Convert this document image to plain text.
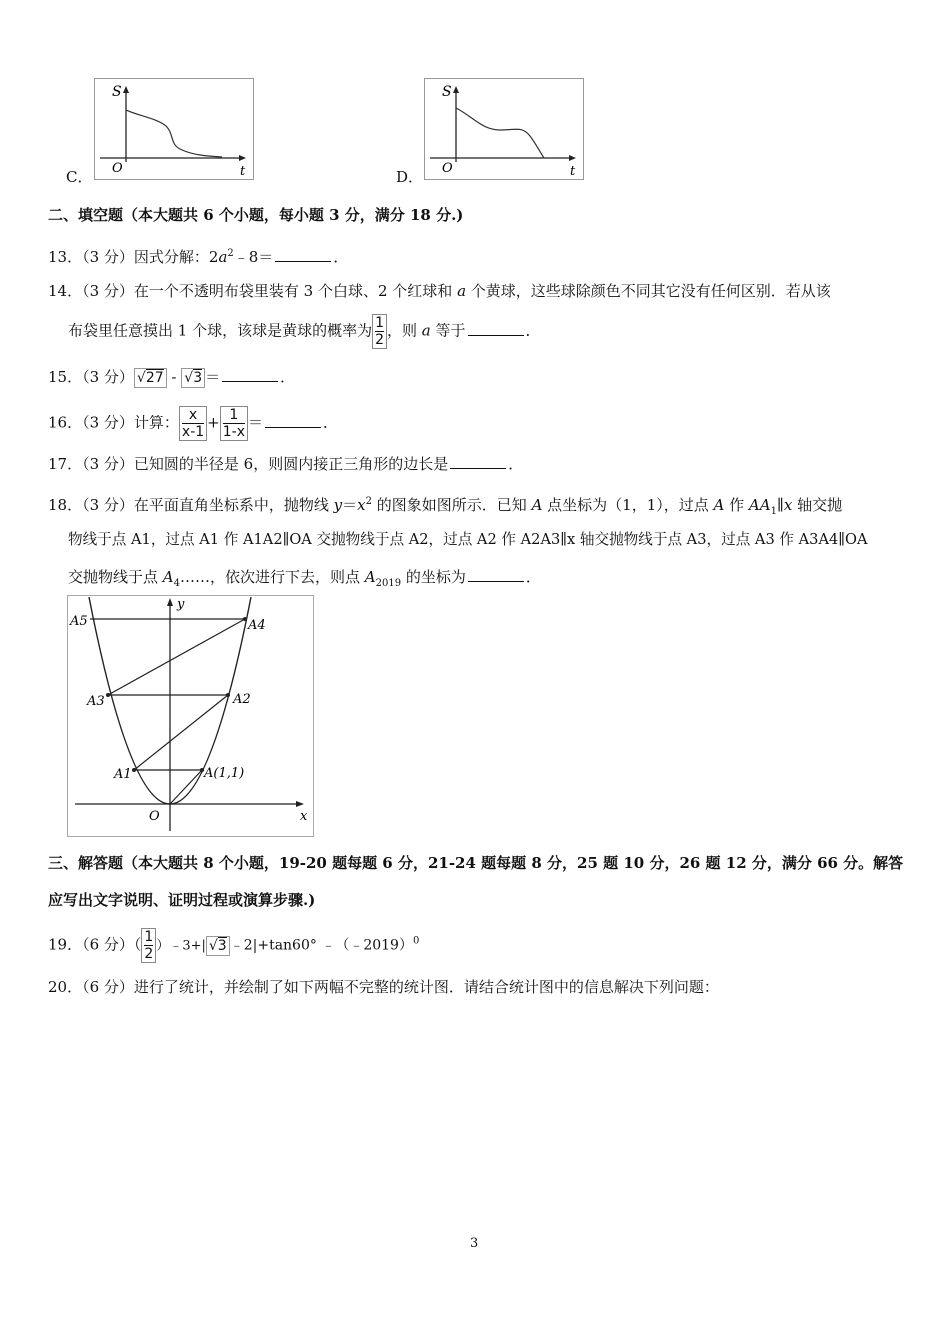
C．
S
O	t	D．
S
O	t
二、填空题（本大题共 6 个小题，每小题 3 分，满分 18 分.)
13．（3 分）因式分解：$2a^2﹣8=$	．
14．（3 分）在一个不透明布袋里装有 3 个白球、2 个红球和 a 个黄球，这些球除颜色不同其它没有任何区别．若从该
布袋里任意摸出 1 个球，该球是黄球的概率为 $\frac{1}{2}$ ，则 a 等于	．
15．（3 分） √27 - √3 ＝	．
16．（3 分）计算： $\frac{x}{x-1} + \frac{1}{1-x}$ ＝	．
17．（3 分）已知圆的半径是 6，则圆内接正三角形的边长是	．
18．（3 分）在平面直角坐标系中，抛物线 $y=x^2$ 的图象如图所示．已知 A 点坐标为（1，1），过点 A 作 $AA_1\parallel x$ 轴交抛
物线于点 A1，过点 A1 作 A1A2∥OA 交抛物线于点 A2，过点 A2 作 A2A3∥x 轴交抛物线于点 A3，过点 A3 作 A3A4∥OA
交抛物线于点 $A_4\dots\dots$，依次进行下去，则点 $A_{2019}$ 的坐标为	．
A5	A4
A3	A2
A1	A(1,1)
O	x
y
三、解答题（本大题共 8 个小题，19-20 题每题 6 分，21-24 题每题 8 分，25 题 10 分，26 题 12 分，满分 66 分。解答
应写出文字说明、证明过程或演算步骤.)
19．（6 分）（ $\frac{1}{2}$ ）﹣3+| √3 ﹣2|+tan60° ﹣（﹣2019）$^0$
20．（6 分）进行了统计，并绘制了如下两幅不完整的统计图．请结合统计图中的信息解决下列问题：
3
